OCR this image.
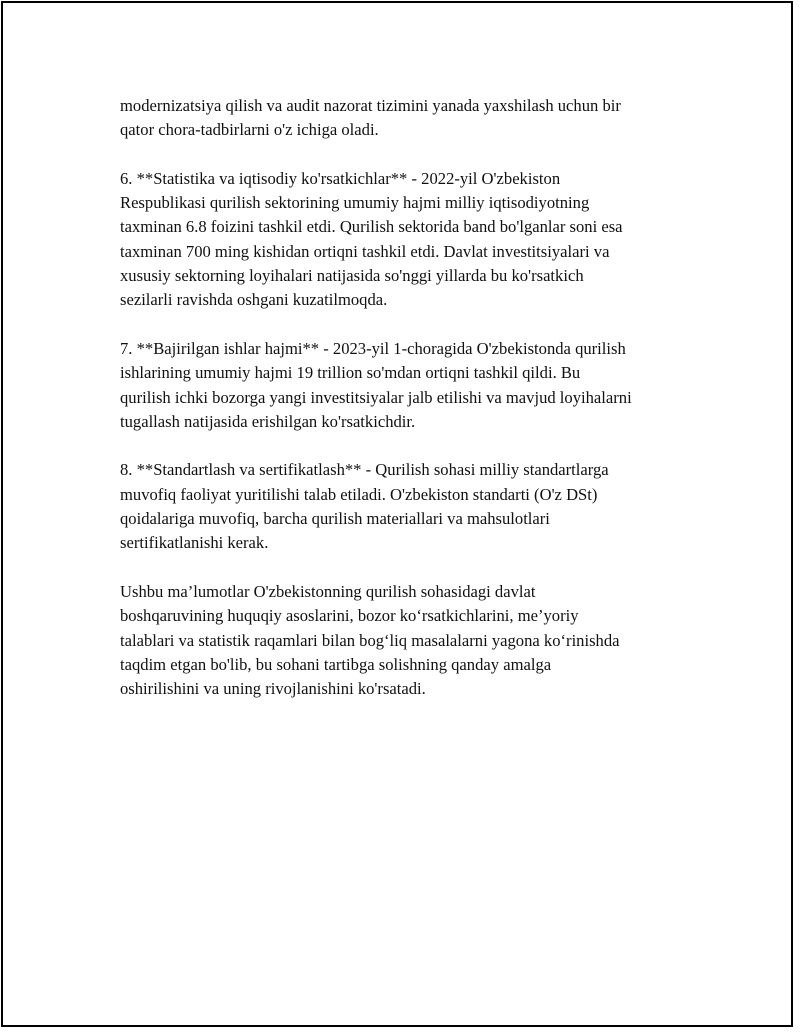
modernizatsiya qilish va audit nazorat tizimini yanada yaxshilash uchun bir
qator chora-tadbirlarni o'z ichiga oladi.

6. **Statistika va iqtisodiy ko'rsatkichlar** - 2022-yil O'zbekiston
Respublikasi qurilish sektorining umumiy hajmi milliy iqtisodiyotning
taxminan 6.8 foizini tashkil etdi. Qurilish sektorida band bo'lganlar soni esa
taxminan 700 ming kishidan ortiqni tashkil etdi. Davlat investitsiyalari va
xususiy sektorning loyihalari natijasida so'nggi yillarda bu ko'rsatkich
sezilarli ravishda oshgani kuzatilmoqda.

7. **Bajirilgan ishlar hajmi** - 2023-yil 1-choragida O'zbekistonda qurilish
ishlarining umumiy hajmi 19 trillion so'mdan ortiqni tashkil qildi. Bu
qurilish ichki bozorga yangi investitsiyalar jalb etilishi va mavjud loyihalarni
tugallash natijasida erishilgan ko'rsatkichdir.

8. **Standartlash va sertifikatlash** - Qurilish sohasi milliy standartlarga
muvofiq faoliyat yuritilishi talab etiladi. O'zbekiston standarti (O'z DSt)
qoidalariga muvofiq, barcha qurilish materiallari va mahsulotlari
sertifikatlanishi kerak.

Ushbu ma’lumotlar O'zbekistonning qurilish sohasidagi davlat
boshqaruvining huquqiy asoslarini, bozor ko‘rsatkichlarini, me’yoriy
talablari va statistik raqamlari bilan bog‘liq masalalarni yagona ko‘rinishda
taqdim etgan bo'lib, bu sohani tartibga solishning qanday amalga
oshirilishini va uning rivojlanishini ko'rsatadi.
